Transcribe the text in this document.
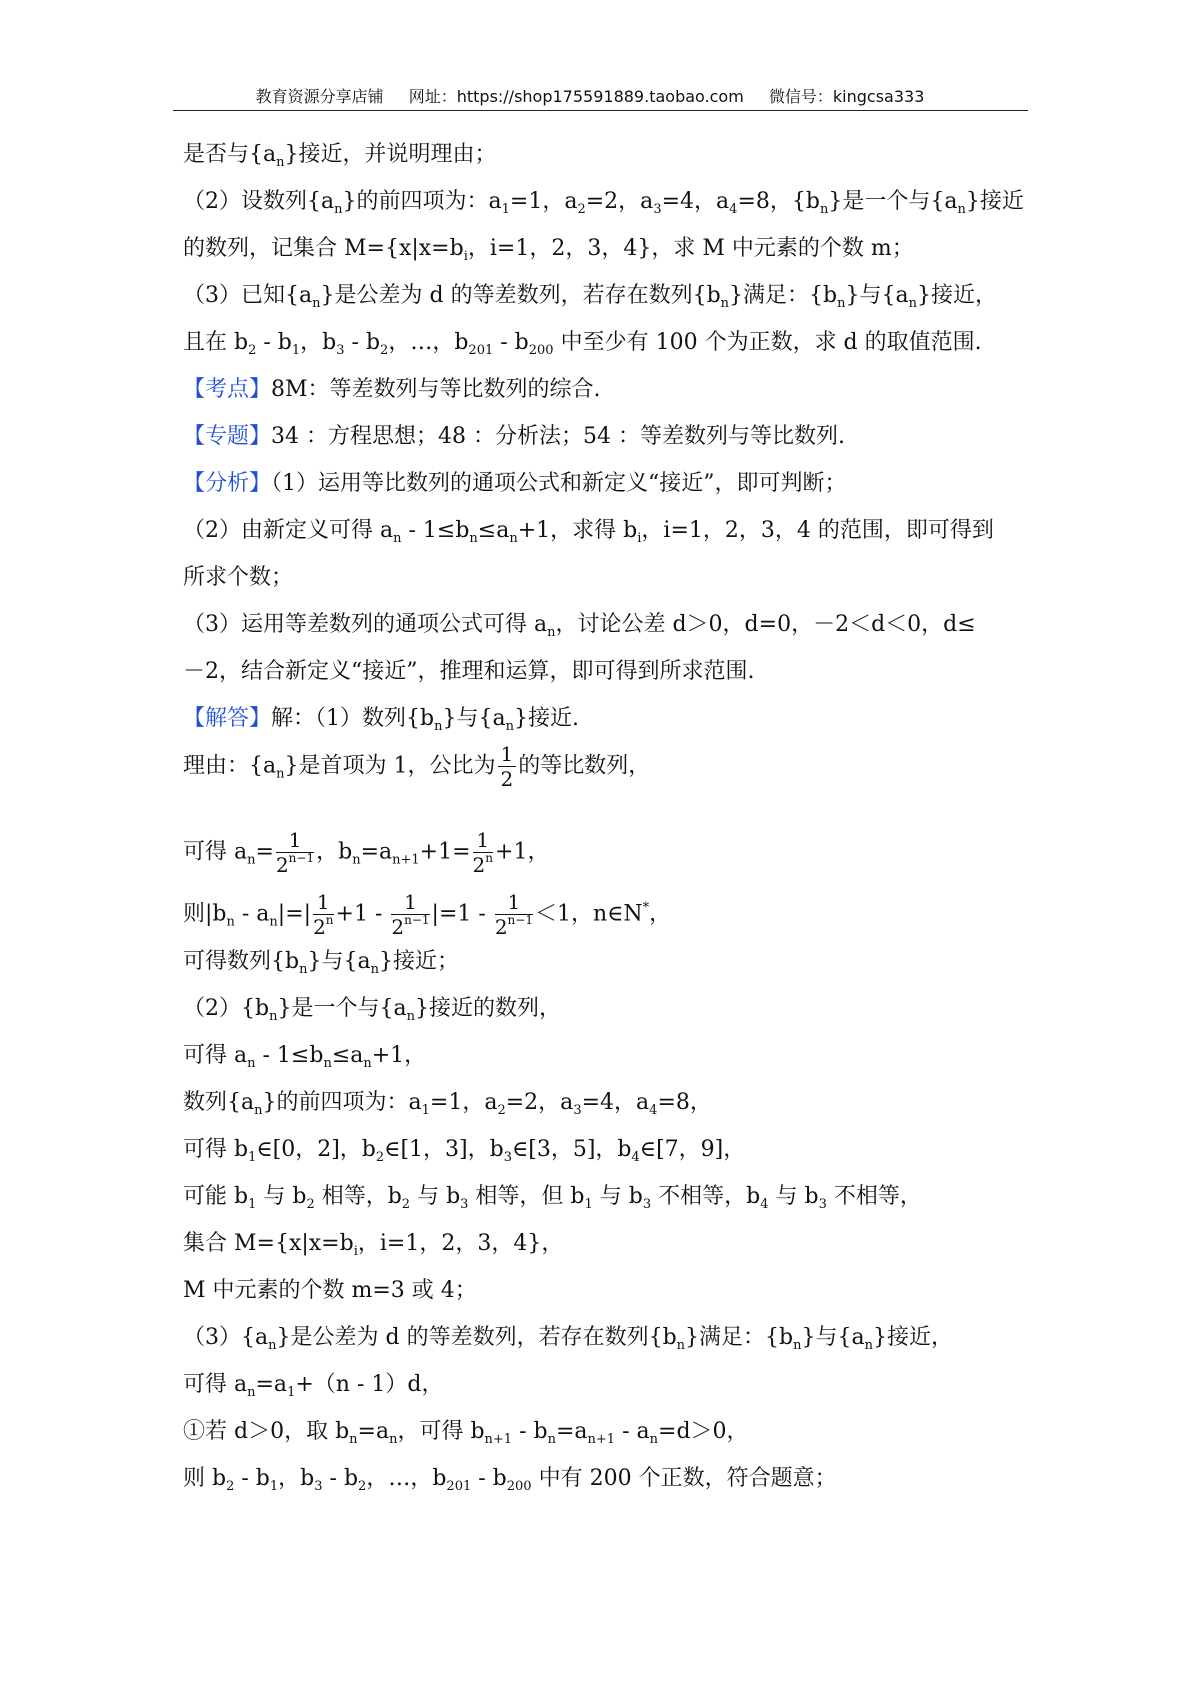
教育资源分享店铺 网址：https://shop175591889.taobao.com 微信号：kingcsa333
是否与$\{a_n\}$接近，并说明理由；
（2）设数列$\{a_n\}$的前四项为：$a_1=1$，$a_2=2$，$a_3=4$，$a_4=8$，$\{b_n\}$是一个与$\{a_n\}$接近
的数列，记集合 $M=\{x|x=b_i$，i=1，2，3，4}，求 M 中元素的个数 m；
（3）已知$\{a_n\}$是公差为 d 的等差数列，若存在数列$\{b_n\}$满足：$\{b_n\}$与$\{a_n\}$接近，
且在 $b_2 - b_1$，$b_3 - b_2$，…，$b_{201} - b_{200}$ 中至少有 100 个为正数，求 d 的取值范围.
【考点】8M：等差数列与等比数列的综合.
【专题】34 ：方程思想；48 ：分析法；54 ：等差数列与等比数列.
【分析】（1）运用等比数列的通项公式和新定义“接近”，即可判断；
（2）由新定义可得 $a_n - 1\le b_n\le a_n+1$，求得 $b_i$，i=1，2，3，4 的范围，即可得到
所求个数；
（3）运用等差数列的通项公式可得 $a_n$，讨论公差 d＞0，d=0，－2＜d＜0，d≤
－2，结合新定义“接近”，推理和运算，即可得到所求范围.
【解答】解：（1）数列$\{b_n\}$与$\{a_n\}$接近.
理由：$\{a_n\}$是首项为 1，公比为 $\frac{1}{2}$ 的等比数列，
可得 $a_n= \frac{1}{2^{n-1}}$ ，$b_n=a_{n+1}+1= \frac{1}{2^n} +1$，
则$|b_n - a_n|=| \frac{1}{2^n} +1 - \frac{1}{2^{n-1}} |=1 - \frac{1}{2^{n-1}} <1$，n∈N*，
可得数列$\{b_n\}$与$\{a_n\}$接近；
$(2)\{b_n\}$是一个与$\{a_n\}$接近的数列，
可得 $a_n - 1\le b_n\le a_n+1$，
数列$\{a_n\}$的前四项为：$a_1=1$，$a_2=2$，$a_3=4$，$a_4=8$，
可得 $b_1\in[0$，2]，$b_2\in[1$，3]，$b_3\in[3$，5]，$b_4\in[7$，9]，
可能 $b_1$ 与 $b_2$ 相等，$b_2$ 与 $b_3$ 相等，但 $b_1$ 与 $b_3$ 不相等，$b_4$ 与 $b_3$ 不相等，
集合 $M=\{x|x=b_i$，i=1，2，3，4}，
M 中元素的个数 m=3 或 4；
$(3)\{a_n\}$是公差为 d 的等差数列，若存在数列$\{b_n\}$满足：$\{b_n\}$与$\{a_n\}$接近，
可得 $a_n=a_1+(n - 1)d$，
①若 d＞0，取 $b_n=a_n$，可得 $b_{n+1} - b_n=a_{n+1} - a_n=d>0$，
则 $b_2 - b_1$，$b_3 - b_2$，…，$b_{201} - b_{200}$ 中有 200 个正数，符合题意；
